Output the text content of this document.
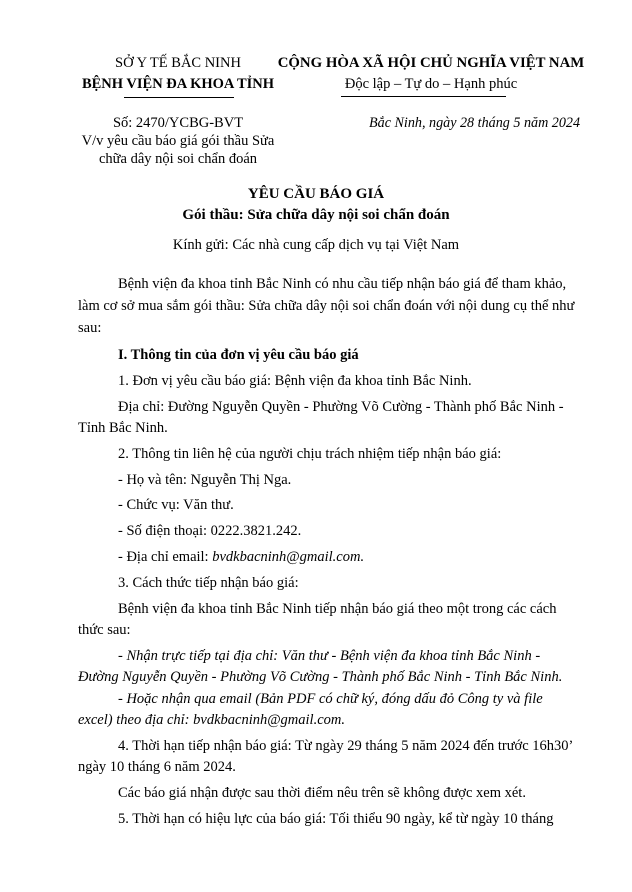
SỞ Y TẾ BẮC NINH
BỆNH VIỆN ĐA KHOA TỈNH
CỘNG HÒA XÃ HỘI CHỦ NGHĨA VIỆT NAM
Độc lập – Tự do – Hạnh phúc
Số: 2470/YCBG-BVT
V/v yêu cầu báo giá gói thầu Sửa
chữa dây nội soi chẩn đoán
Bắc Ninh, ngày 28 tháng 5 năm 2024
YÊU CẦU BÁO GIÁ
Gói thầu: Sửa chữa dây nội soi chẩn đoán
Kính gửi: Các nhà cung cấp dịch vụ tại Việt Nam
Bệnh viện đa khoa tỉnh Bắc Ninh có nhu cầu tiếp nhận báo giá để tham khảo,
làm cơ sở mua sắm gói thầu: Sửa chữa dây nội soi chẩn đoán với nội dung cụ thể như
sau:
I. Thông tin của đơn vị yêu cầu báo giá
1. Đơn vị yêu cầu báo giá: Bệnh viện đa khoa tỉnh Bắc Ninh.
Địa chỉ: Đường Nguyễn Quyền - Phường Võ Cường - Thành phố Bắc Ninh -
Tỉnh Bắc Ninh.
2. Thông tin liên hệ của người chịu trách nhiệm tiếp nhận báo giá:
- Họ và tên: Nguyễn Thị Nga.
- Chức vụ: Văn thư.
- Số điện thoại: 0222.3821.242.
- Địa chỉ email: bvdkbacninh@gmail.com.
3. Cách thức tiếp nhận báo giá:
Bệnh viện đa khoa tỉnh Bắc Ninh tiếp nhận báo giá theo một trong các cách
thức sau:
- Nhận trực tiếp tại địa chỉ: Văn thư - Bệnh viện đa khoa tỉnh Bắc Ninh -
Đường Nguyễn Quyền - Phường Võ Cường - Thành phố Bắc Ninh - Tỉnh Bắc Ninh.
- Hoặc nhận qua email (Bản PDF có chữ ký, đóng dấu đỏ Công ty và file
excel) theo địa chỉ: bvdkbacninh@gmail.com.
4. Thời hạn tiếp nhận báo giá: Từ ngày 29 tháng 5 năm 2024 đến trước 16h30’
ngày 10 tháng 6 năm 2024.
Các báo giá nhận được sau thời điểm nêu trên sẽ không được xem xét.
5. Thời hạn có hiệu lực của báo giá: Tối thiểu 90 ngày, kể từ ngày 10 tháng
